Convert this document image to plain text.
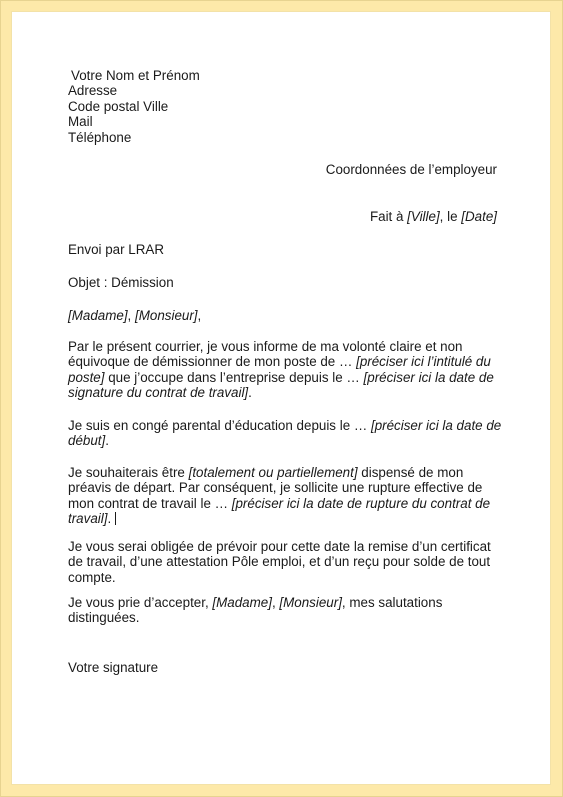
Votre Nom et Prénom
Adresse
Code postal Ville
Mail
Téléphone

Coordonnées de l’employeur

Fait à [Ville], le [Date]

Envoi par LRAR

Objet : Démission

[Madame], [Monsieur],

Par le présent courrier, je vous informe de ma volonté claire et non
équivoque de démissionner de mon poste de … [préciser ici l’intitulé du
poste] que j’occupe dans l’entreprise depuis le … [préciser ici la date de
signature du contrat de travail].
Je suis en congé parental d’éducation depuis le … [préciser ici la date de
début].
Je souhaiterais être [totalement ou partiellement] dispensé de mon
préavis de départ. Par conséquent, je sollicite une rupture effective de
mon contrat de travail le … [préciser ici la date de rupture du contrat de
travail].
Je vous serai obligée de prévoir pour cette date la remise d’un certificat
de travail, d’une attestation Pôle emploi, et d’un reçu pour solde de tout
compte.
Je vous prie d’accepter, [Madame], [Monsieur], mes salutations
distinguées.

Votre signature
